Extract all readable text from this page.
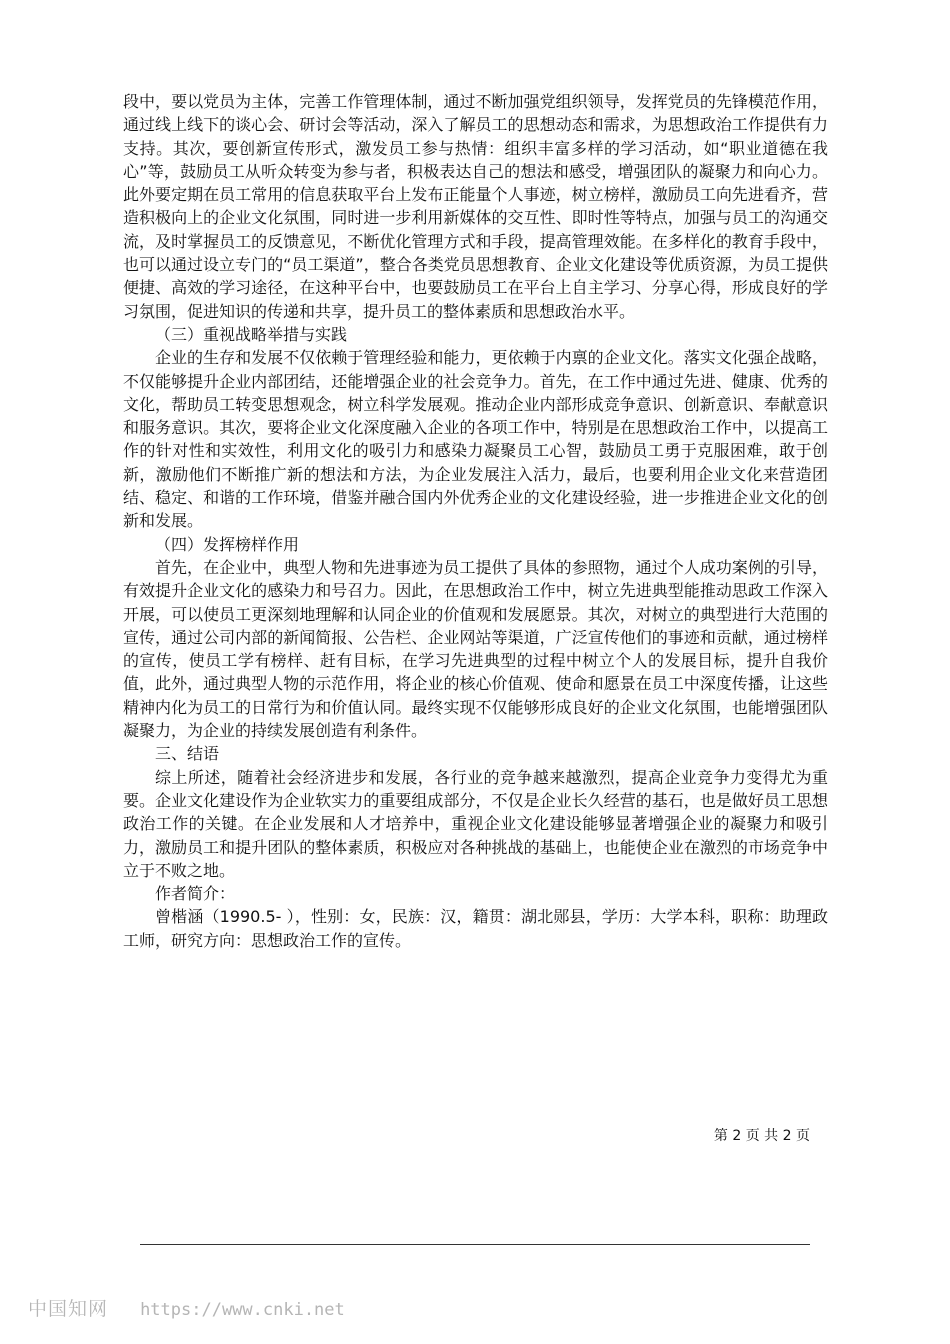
段中，要以党员为主体，完善工作管理体制，通过不断加强党组织领导，发挥党员的先锋模范作用，通过线上线下的谈心会、研讨会等活动，深入了解员工的思想动态和需求，为思想政治工作提供有力支持。其次，要创新宣传形式，激发员工参与热情：组织丰富多样的学习活动，如“职业道德在我心”等，鼓励员工从听众转变为参与者，积极表达自己的想法和感受，增强团队的凝聚力和向心力。此外要定期在员工常用的信息获取平台上发布正能量个人事迹，树立榜样，激励员工向先进看齐，营造积极向上的企业文化氛围，同时进一步利用新媒体的交互性、即时性等特点，加强与员工的沟通交流，及时掌握员工的反馈意见，不断优化管理方式和手段，提高管理效能。在多样化的教育手段中，也可以通过设立专门的“员工渠道”，整合各类党员思想教育、企业文化建设等优质资源，为员工提供便捷、高效的学习途径，在这种平台中，也要鼓励员工在平台上自主学习、分享心得，形成良好的学习氛围，促进知识的传递和共享，提升员工的整体素质和思想政治水平。

（三）重视战略举措与实践

企业的生存和发展不仅依赖于管理经验和能力，更依赖于内禀的企业文化。落实文化强企战略，不仅能够提升企业内部团结，还能增强企业的社会竞争力。首先，在工作中通过先进、健康、优秀的文化，帮助员工转变思想观念，树立科学发展观。推动企业内部形成竞争意识、创新意识、奉献意识和服务意识。其次，要将企业文化深度融入企业的各项工作中，特别是在思想政治工作中，以提高工作的针对性和实效性，利用文化的吸引力和感染力凝聚员工心智，鼓励员工勇于克服困难，敢于创新，激励他们不断推广新的想法和方法，为企业发展注入活力，最后，也要利用企业文化来营造团结、稳定、和谐的工作环境，借鉴并融合国内外优秀企业的文化建设经验，进一步推进企业文化的创新和发展。

（四）发挥榜样作用

首先，在企业中，典型人物和先进事迹为员工提供了具体的参照物，通过个人成功案例的引导，有效提升企业文化的感染力和号召力。因此，在思想政治工作中，树立先进典型能推动思政工作深入开展，可以使员工更深刻地理解和认同企业的价值观和发展愿景。其次，对树立的典型进行大范围的宣传，通过公司内部的新闻简报、公告栏、企业网站等渠道，广泛宣传他们的事迹和贡献，通过榜样的宣传，使员工学有榜样、赶有目标，在学习先进典型的过程中树立个人的发展目标，提升自我价值，此外，通过典型人物的示范作用，将企业的核心价值观、使命和愿景在员工中深度传播，让这些精神内化为员工的日常行为和价值认同。最终实现不仅能够形成良好的企业文化氛围，也能增强团队凝聚力，为企业的持续发展创造有利条件。

三、结语

综上所述，随着社会经济进步和发展，各行业的竞争越来越激烈，提高企业竞争力变得尤为重要。企业文化建设作为企业软实力的重要组成部分，不仅是企业长久经营的基石，也是做好员工思想政治工作的关键。在企业发展和人才培养中，重视企业文化建设能够显著增强企业的凝聚力和吸引力，激励员工和提升团队的整体素质，积极应对各种挑战的基础上，也能使企业在激烈的市场竞争中立于不败之地。

作者简介：

曾楷涵（1990.5- ），性别：女，民族：汉，籍贯：湖北郧县，学历：大学本科，职称：助理政工师，研究方向：思想政治工作的宣传。

第 2 页 共 2 页
中国知网 https://www.cnki.net
